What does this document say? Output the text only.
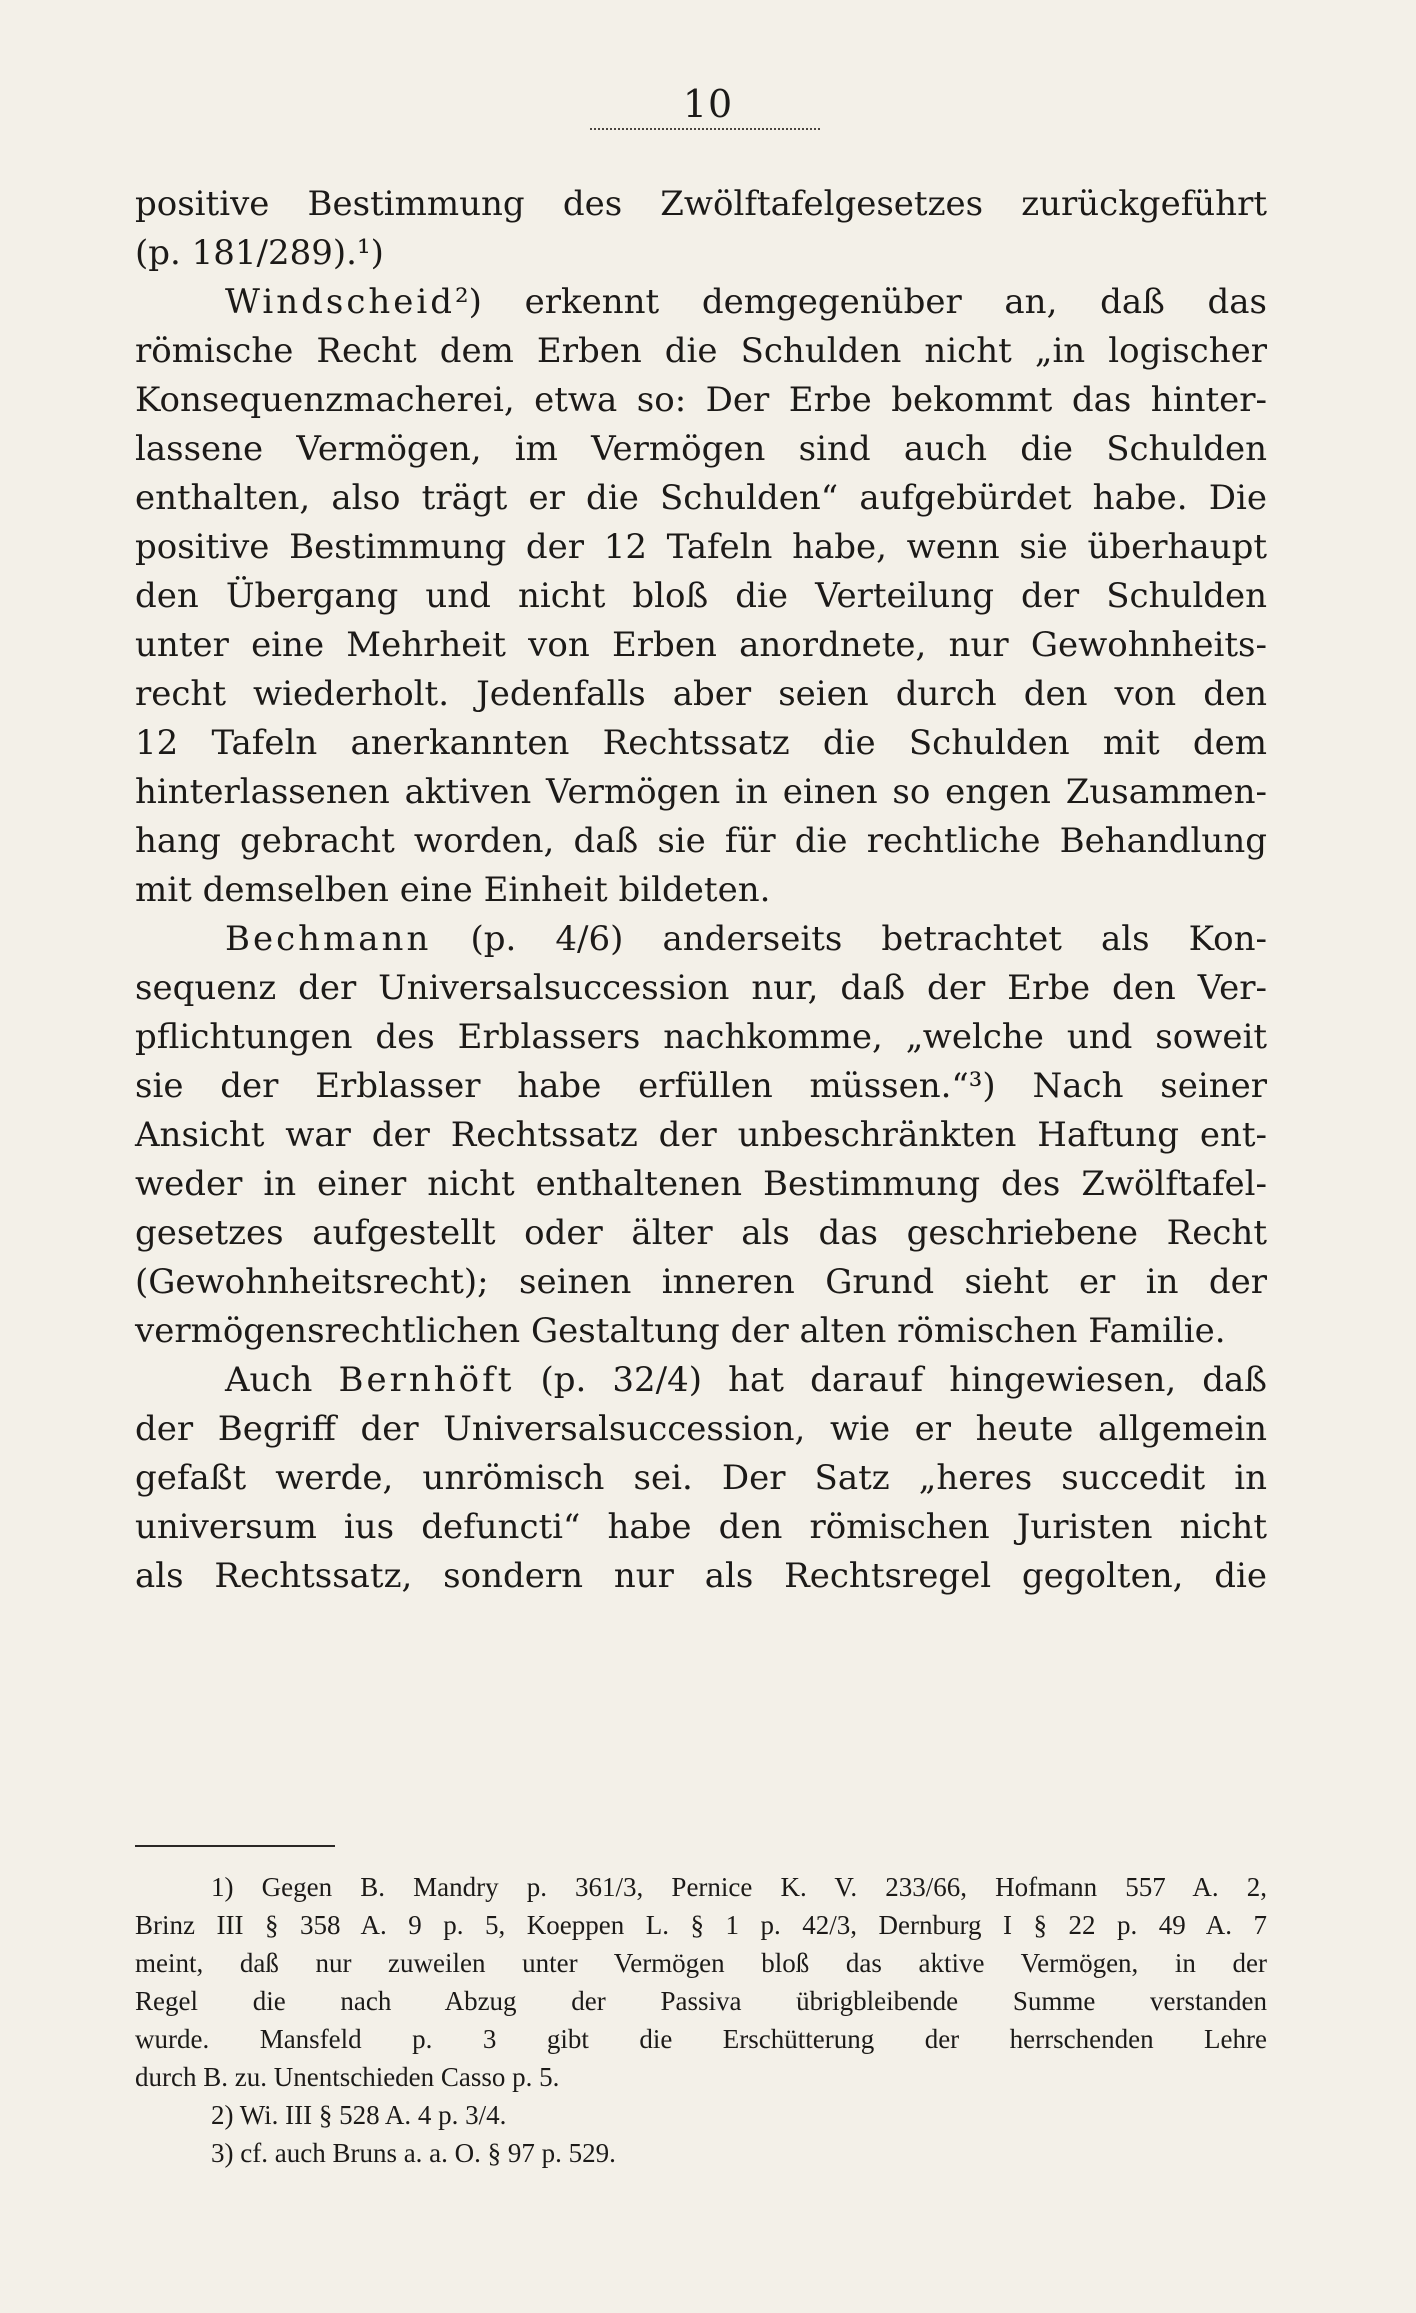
10
positive Bestimmung des Zwölftafelgesetzes zurückgeführt
(p. 181/289).¹)
Windscheid²) erkennt demgegenüber an, daß das
römische Recht dem Erben die Schulden nicht „in logischer
Konsequenzmacherei, etwa so: Der Erbe bekommt das hinter-
lassene Vermögen, im Vermögen sind auch die Schulden
enthalten, also trägt er die Schulden“ aufgebürdet habe. Die
positive Bestimmung der 12 Tafeln habe, wenn sie überhaupt
den Übergang und nicht bloß die Verteilung der Schulden
unter eine Mehrheit von Erben anordnete, nur Gewohnheits-
recht wiederholt. Jedenfalls aber seien durch den von den
12 Tafeln anerkannten Rechtssatz die Schulden mit dem
hinterlassenen aktiven Vermögen in einen so engen Zusammen-
hang gebracht worden, daß sie für die rechtliche Behandlung
mit demselben eine Einheit bildeten.
Bechmann (p. 4/6) anderseits betrachtet als Kon-
sequenz der Universalsuccession nur, daß der Erbe den Ver-
pflichtungen des Erblassers nachkomme, „welche und soweit
sie der Erblasser habe erfüllen müssen.“³) Nach seiner
Ansicht war der Rechtssatz der unbeschränkten Haftung ent-
weder in einer nicht enthaltenen Bestimmung des Zwölftafel-
gesetzes aufgestellt oder älter als das geschriebene Recht
(Gewohnheitsrecht); seinen inneren Grund sieht er in der
vermögensrechtlichen Gestaltung der alten römischen Familie.
Auch Bernhöft (p. 32/4) hat darauf hingewiesen, daß
der Begriff der Universalsuccession, wie er heute allgemein
gefaßt werde, unrömisch sei. Der Satz „heres succedit in
universum ius defuncti“ habe den römischen Juristen nicht
als Rechtssatz, sondern nur als Rechtsregel gegolten, die
1) Gegen B. Mandry p. 361/3, Pernice K. V. 233/66, Hofmann 557 A. 2,
Brinz III § 358 A. 9 p. 5, Koeppen L. § 1 p. 42/3, Dernburg I § 22 p. 49 A. 7
meint, daß nur zuweilen unter Vermögen bloß das aktive Vermögen, in der
Regel die nach Abzug der Passiva übrigbleibende Summe verstanden
wurde. Mansfeld p. 3 gibt die Erschütterung der herrschenden Lehre
durch B. zu. Unentschieden Casso p. 5.
2) Wi. III § 528 A. 4 p. 3/4.
3) cf. auch Bruns a. a. O. § 97 p. 529.
